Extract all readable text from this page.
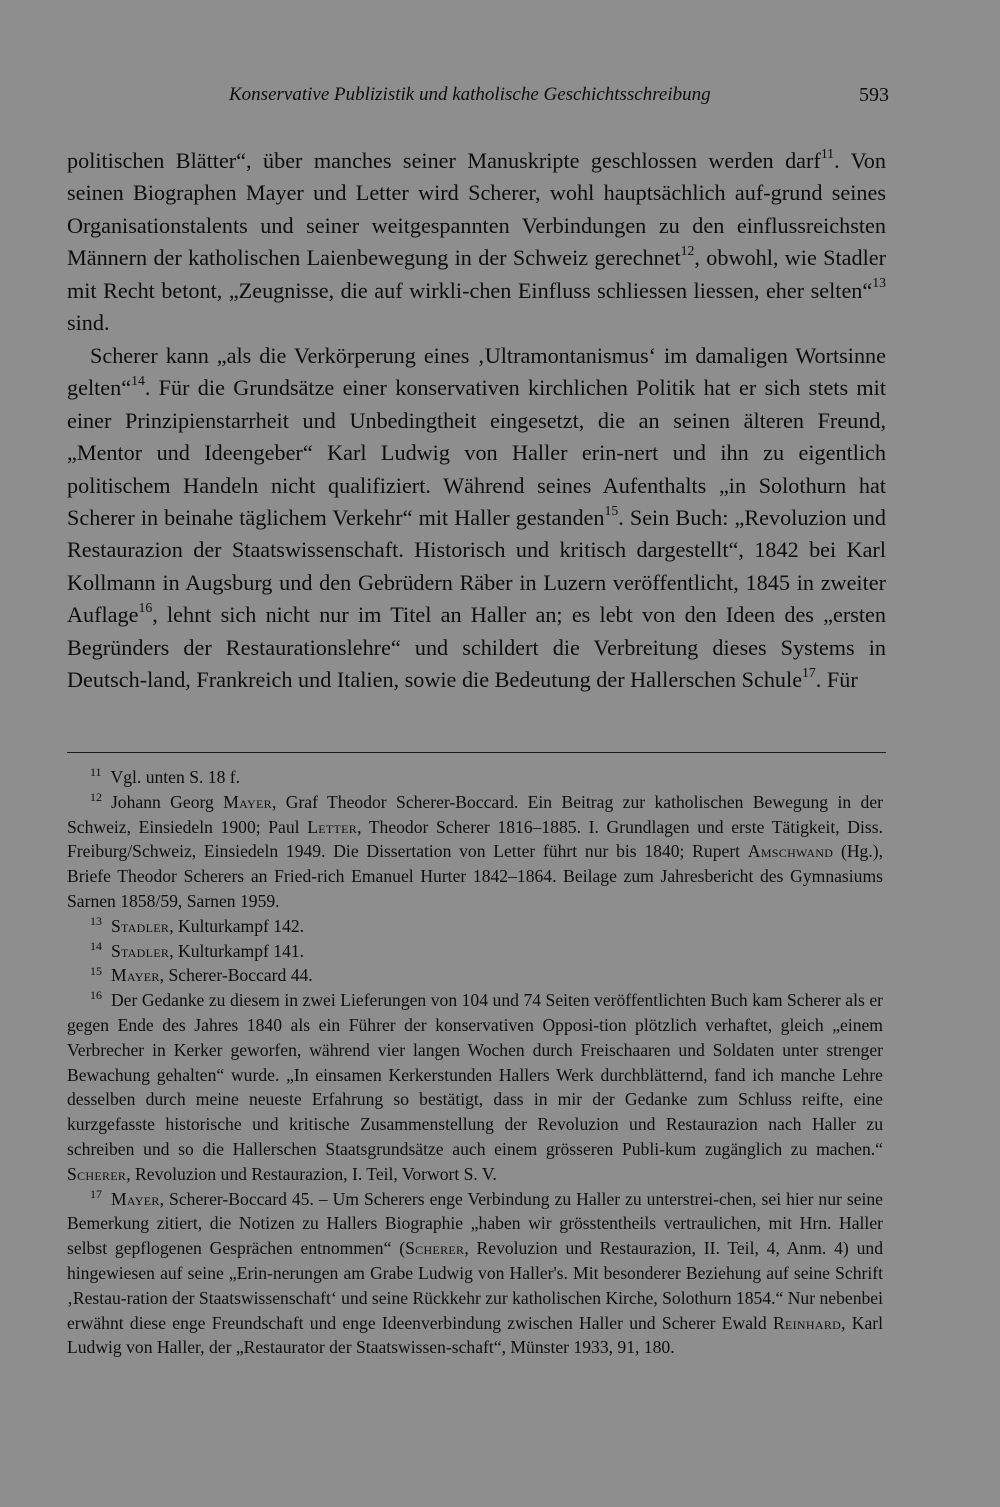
Konservative Publizistik und katholische Geschichtsschreibung	593

politischen Blätter“, über manches seiner Manuskripte geschlossen werden darf$^{11}$. Von seinen Biographen Mayer und Letter wird Scherer, wohl hauptsächlich auf-grund seines Organisationstalents und seiner weitgespannten Verbindungen zu den einflussreichsten Männern der katholischen Laienbewegung in der Schweiz gerechnet$^{12}$, obwohl, wie Stadler mit Recht betont, „Zeugnisse, die auf wirkli-chen Einfluss schliessen liessen, eher selten“$^{13}$ sind.

Scherer kann „als die Verkörperung eines ‚Ultramontanismus‘ im damaligen Wortsinne gelten“$^{14}$. Für die Grundsätze einer konservativen kirchlichen Politik hat er sich stets mit einer Prinzipienstarrheit und Unbedingtheit eingesetzt, die an seinen älteren Freund, „Mentor und Ideengeber“ Karl Ludwig von Haller erin-nert und ihn zu eigentlich politischem Handeln nicht qualifiziert. Während seines Aufenthalts „in Solothurn hat Scherer in beinahe täglichem Verkehr“ mit Haller gestanden$^{15}$. Sein Buch: „Revoluzion und Restaurazion der Staatswissenschaft. Historisch und kritisch dargestellt“, 1842 bei Karl Kollmann in Augsburg und den Gebrüdern Räber in Luzern veröffentlicht, 1845 in zweiter Auflage$^{16}$, lehnt sich nicht nur im Titel an Haller an; es lebt von den Ideen des „ersten Begründers der Restaurationslehre“ und schildert die Verbreitung dieses Systems in Deutsch-land, Frankreich und Italien, sowie die Bedeutung der Hallerschen Schule$^{17}$. Für

$^{11}$ Vgl. unten S. 18 f.

$^{12}$ Johann Georg Mayer, Graf Theodor Scherer-Boccard. Ein Beitrag zur katholischen Bewegung in der Schweiz, Einsiedeln 1900; Paul Letter, Theodor Scherer 1816–1885. I. Grundlagen und erste Tätigkeit, Diss. Freiburg/Schweiz, Einsiedeln 1949. Die Dissertation von Letter führt nur bis 1840; Rupert Amschwand (Hg.), Briefe Theodor Scherers an Fried-rich Emanuel Hurter 1842–1864. Beilage zum Jahresbericht des Gymnasiums Sarnen 1858/59, Sarnen 1959.

$^{13}$ Stadler, Kulturkampf 142.

$^{14}$ Stadler, Kulturkampf 141.

$^{15}$ Mayer, Scherer-Boccard 44.

$^{16}$ Der Gedanke zu diesem in zwei Lieferungen von 104 und 74 Seiten veröffentlichten Buch kam Scherer als er gegen Ende des Jahres 1840 als ein Führer der konservativen Opposi-tion plötzlich verhaftet, gleich „einem Verbrecher in Kerker geworfen, während vier langen Wochen durch Freischaaren und Soldaten unter strenger Bewachung gehalten“ wurde. „In einsamen Kerkerstunden Hallers Werk durchblätternd, fand ich manche Lehre desselben durch meine neueste Erfahrung so bestätigt, dass in mir der Gedanke zum Schluss reifte, eine kurzgefasste historische und kritische Zusammenstellung der Revoluzion und Restaurazion nach Haller zu schreiben und so die Hallerschen Staatsgrundsätze auch einem grösseren Publi-kum zugänglich zu machen.“ Scherer, Revoluzion und Restaurazion, I. Teil, Vorwort S. V.

$^{17}$ Mayer, Scherer-Boccard 45. – Um Scherers enge Verbindung zu Haller zu unterstrei-chen, sei hier nur seine Bemerkung zitiert, die Notizen zu Hallers Biographie „haben wir grösstentheils vertraulichen, mit Hrn. Haller selbst gepflogenen Gesprächen entnommen“ (Scherer, Revoluzion und Restaurazion, II. Teil, 4, Anm. 4) und hingewiesen auf seine „Erin-nerungen am Grabe Ludwig von Haller's. Mit besonderer Beziehung auf seine Schrift ‚Restau-ration der Staatswissenschaft‘ und seine Rückkehr zur katholischen Kirche, Solothurn 1854.“ Nur nebenbei erwähnt diese enge Freundschaft und enge Ideenverbindung zwischen Haller und Scherer Ewald Reinhard, Karl Ludwig von Haller, der „Restaurator der Staatswissen-schaft“, Münster 1933, 91, 180.
